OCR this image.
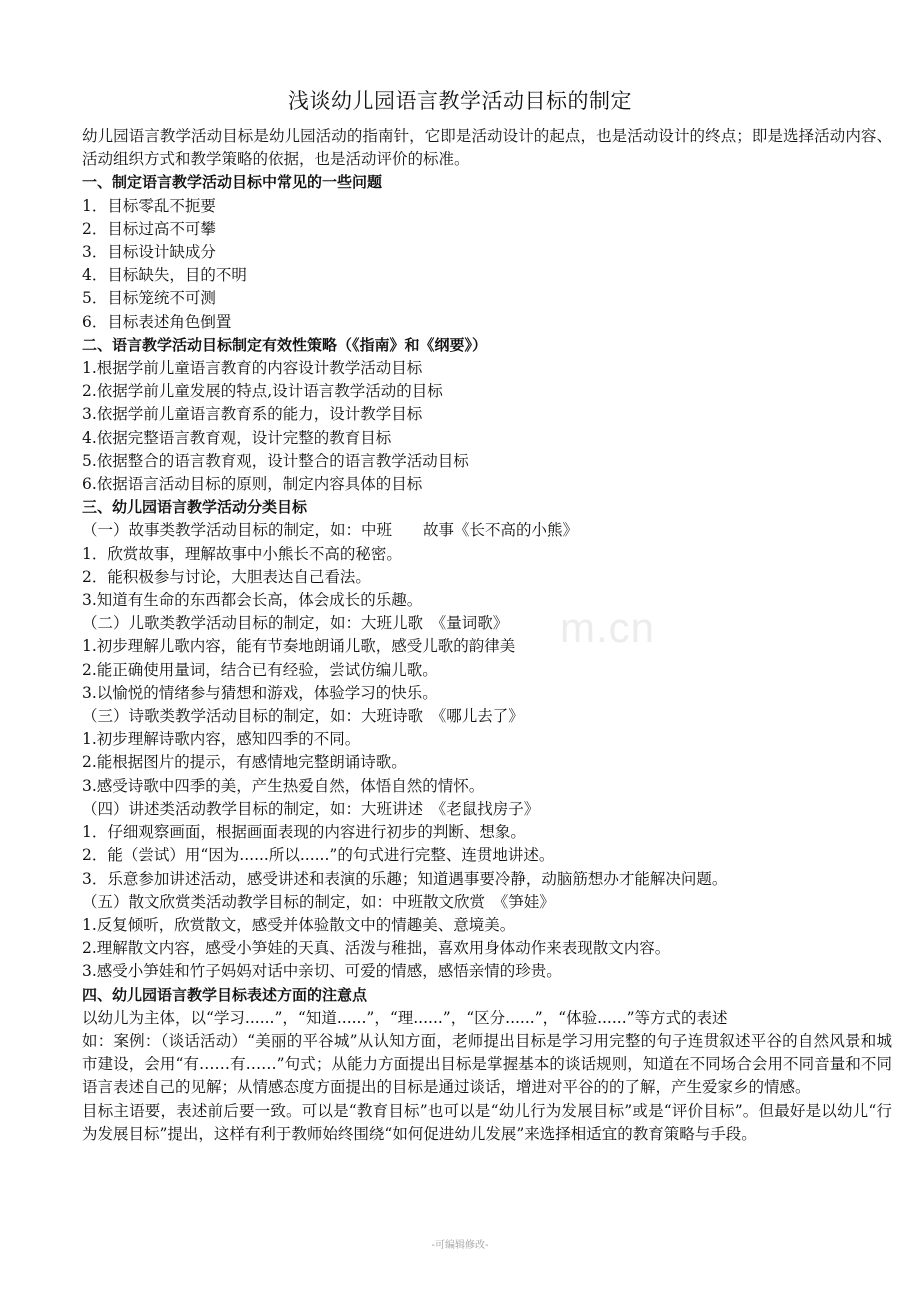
m.cn
浅谈幼儿园语言教学活动目标的制定

幼儿园语言教学活动目标是幼儿园活动的指南针，它即是活动设计的起点，也是活动设计的终点；即是选择活动内容、活动组织方式和教学策略的依据，也是活动评价的标准。

一、制定语言教学活动目标中常见的一些问题

1．目标零乱不扼要

2．目标过高不可攀

3．目标设计缺成分

4．目标缺失，目的不明

5．目标笼统不可测

6．目标表述角色倒置

二、语言教学活动目标制定有效性策略（《指南》和《纲要》）

1.根据学前儿童语言教育的内容设计教学活动目标

2.依据学前儿童发展的特点,设计语言教学活动的目标

3.依据学前儿童语言教育系的能力，设计教学目标

4.依据完整语言教育观，设计完整的教育目标

5.依据整合的语言教育观，设计整合的语言教学活动目标

6.依据语言活动目标的原则，制定内容具体的目标

三、幼儿园语言教学活动分类目标

（一）故事类教学活动目标的制定，如：中班　　故事《长不高的小熊》

1．欣赏故事，理解故事中小熊长不高的秘密。

2．能积极参与讨论，大胆表达自己看法。

3.知道有生命的东西都会长高，体会成长的乐趣。

（二）儿歌类教学活动目标的制定，如：大班儿歌　《量词歌》

1.初步理解儿歌内容，能有节奏地朗诵儿歌，感受儿歌的韵律美

2.能正确使用量词，结合已有经验，尝试仿编儿歌。

3.以愉悦的情绪参与猜想和游戏，体验学习的快乐。

（三）诗歌类教学活动目标的制定，如：大班诗歌　《哪儿去了》

1.初步理解诗歌内容，感知四季的不同。

2.能根据图片的提示，有感情地完整朗诵诗歌。

3.感受诗歌中四季的美，产生热爱自然，体悟自然的情怀。

（四）讲述类活动教学目标的制定，如：大班讲述　《老鼠找房子》

1．仔细观察画面，根据画面表现的内容进行初步的判断、想象。

2．能（尝试）用“因为......所以......”的句式进行完整、连贯地讲述。

3．乐意参加讲述活动，感受讲述和表演的乐趣；知道遇事要冷静，动脑筋想办才能解决问题。

（五）散文欣赏类活动教学目标的制定，如：中班散文欣赏　《笋娃》

1.反复倾听，欣赏散文，感受并体验散文中的情趣美、意境美。

2.理解散文内容，感受小笋娃的天真、活泼与稚拙，喜欢用身体动作来表现散文内容。

3.感受小笋娃和竹子妈妈对话中亲切、可爱的情感，感悟亲情的珍贵。

四、幼儿园语言教学目标表述方面的注意点

以幼儿为主体，以“学习......”，“知道......”，“理......”，“区分......”，“体验......”等方式的表述

如：案例：（谈话活动）“美丽的平谷城”从认知方面，老师提出目标是学习用完整的句子连贯叙述平谷的自然风景和城市建设，会用“有……有……”句式；从能力方面提出目标是掌握基本的谈话规则，知道在不同场合会用不同音量和不同语言表述自己的见解；从情感态度方面提出的目标是通过谈话，增进对平谷的的了解，产生爱家乡的情感。

目标主语要，表述前后要一致。可以是“教育目标”也可以是“幼儿行为发展目标”或是“评价目标”。但最好是以幼儿“行为发展目标”提出，这样有利于教师始终围绕“如何促进幼儿发展”来选择相适宜的教育策略与手段。

-可编辑修改-
